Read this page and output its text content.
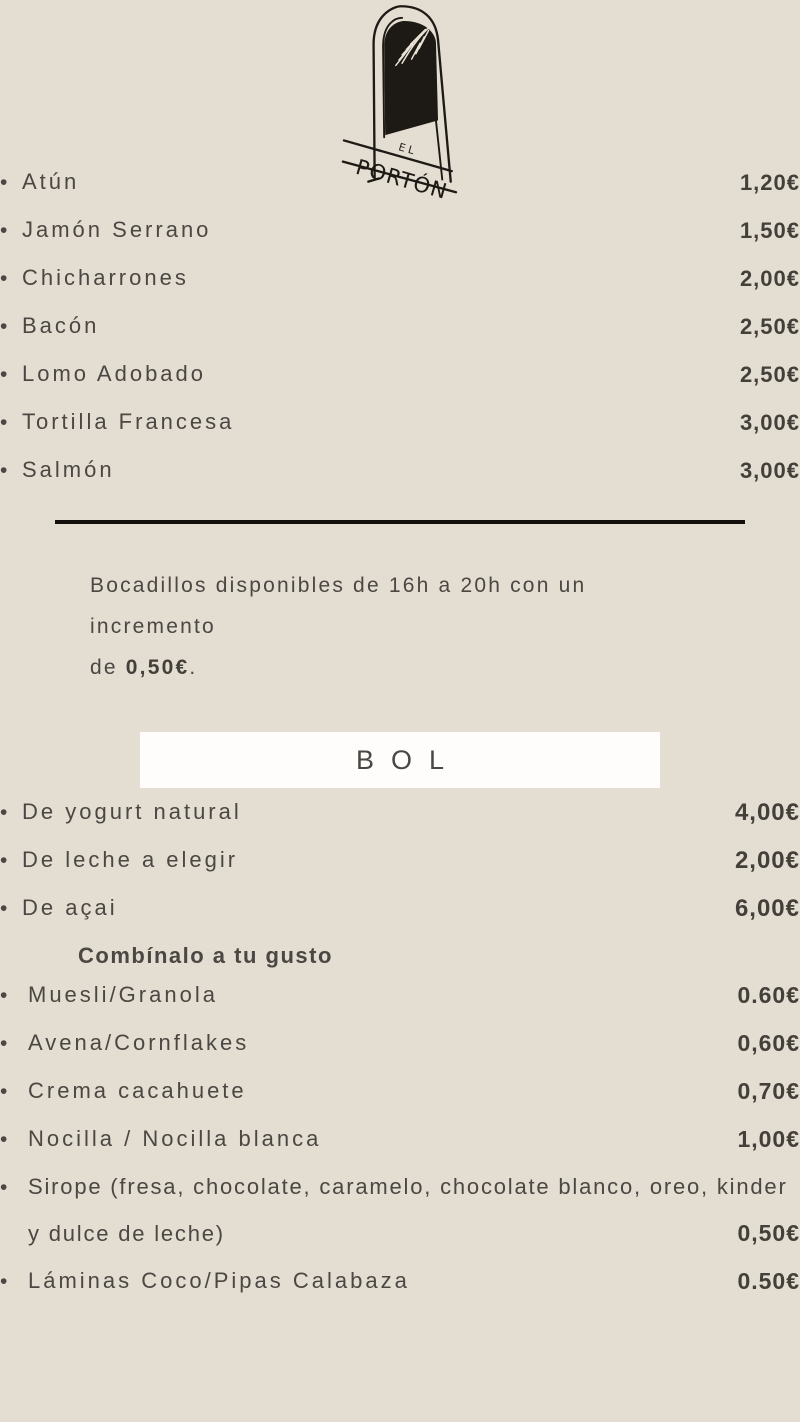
EL
PORTÓN
•
Atún	1,20€
•
Jamón Serrano	1,50€
•
Chicharrones	2,00€
•
Bacón	2,50€
•
Lomo Adobado	2,50€
•
Tortilla Francesa	3,00€
•
Salmón	3,00€
Bocadillos disponibles de 16h a 20h con un incremento
de 0,50€.
BOL
•
De yogurt natural	4,00€
•
De leche a elegir	2,00€
•
De açai	6,00€
Combínalo a tu gusto
•
Muesli/Granola	0.60€
•
Avena/Cornflakes	0,60€
•
Crema cacahuete	0,70€
•
Nocilla / Nocilla blanca	1,00€
•
Sirope (fresa, chocolate, caramelo, chocolate blanco, oreo, kinder y dulce de leche)	0,50€
•
Láminas Coco/Pipas Calabaza	0.50€
